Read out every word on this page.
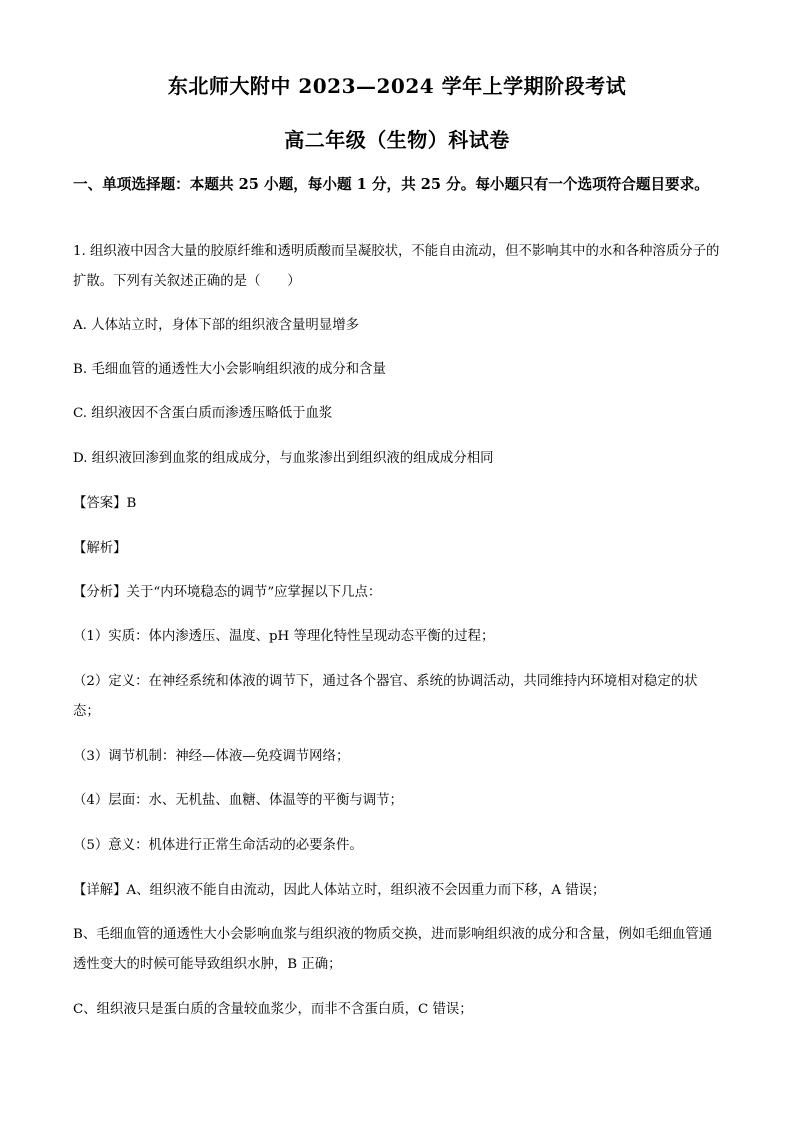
东北师大附中 2023—2024 学年上学期阶段考试
高二年级（生物）科试卷
一、单项选择题：本题共 25 小题，每小题 1 分，共 25 分。每小题只有一个选项符合题目要求。
1. 组织液中因含大量的胶原纤维和透明质酸而呈凝胶状，不能自由流动，但不影响其中的水和各种溶质分子的扩散。下列有关叙述正确的是（　　）
A. 人体站立时，身体下部的组织液含量明显增多
B. 毛细血管的通透性大小会影响组织液的成分和含量
C. 组织液因不含蛋白质而渗透压略低于血浆
D. 组织液回渗到血浆的组成成分，与血浆渗出到组织液的组成成分相同
【答案】B
【解析】
【分析】关于“内环境稳态的调节”应掌握以下几点：
（1）实质：体内渗透压、温度、pH 等理化特性呈现动态平衡的过程；
（2）定义：在神经系统和体液的调节下，通过各个器官、系统的协调活动，共同维持内环境相对稳定的状态；
（3）调节机制：神经—体液—免疫调节网络；
（4）层面：水、无机盐、血糖、体温等的平衡与调节；
（5）意义：机体进行正常生命活动的必要条件。
【详解】A、组织液不能自由流动，因此人体站立时，组织液不会因重力而下移，A 错误；
B、毛细血管的通透性大小会影响血浆与组织液的物质交换，进而影响组织液的成分和含量，例如毛细血管通透性变大的时候可能导致组织水肿，B 正确；
C、组织液只是蛋白质的含量较血浆少，而非不含蛋白质，C 错误；
